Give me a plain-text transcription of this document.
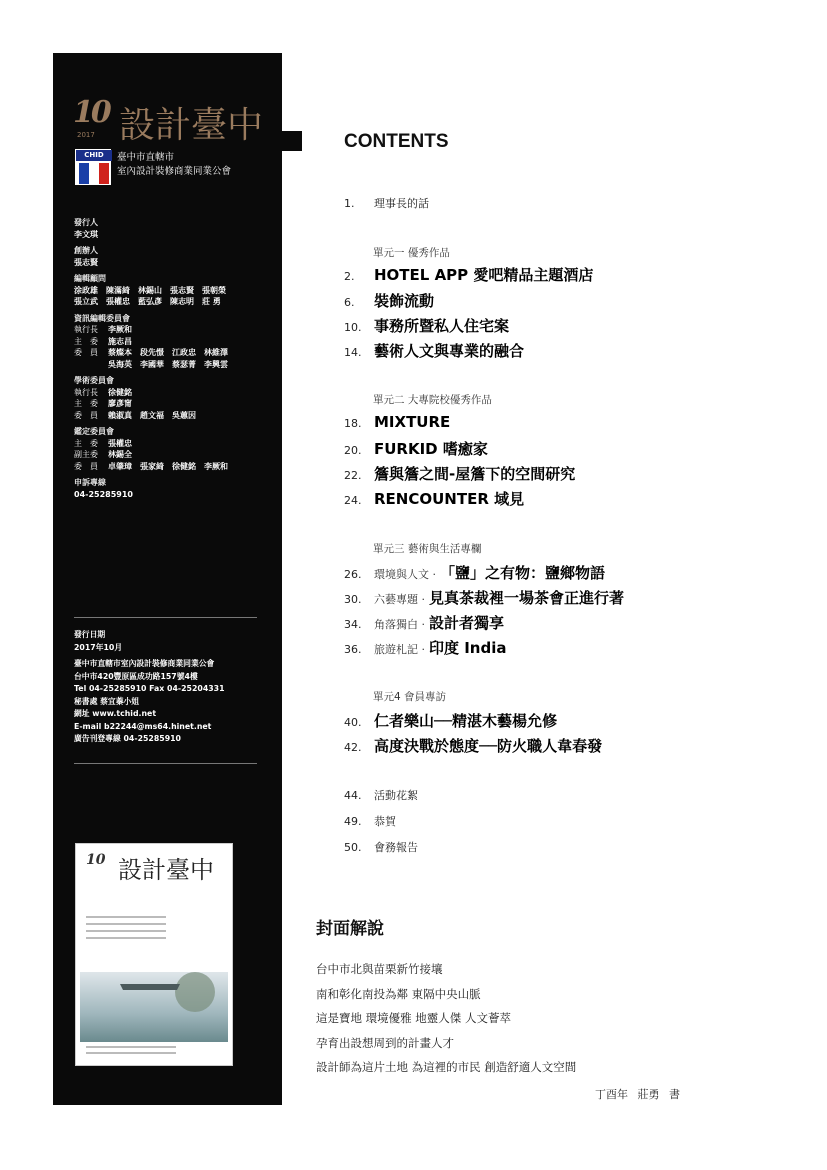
10
2017 設計臺中
CHID	臺中市直轄市
室內設計裝修商業同業公會
發行人
李文琪
創辦人
張志賢
編輯顧問
涂政雄　陳滿綺　林錫山　張志賢　張朝榮
張立武　張權忠　藍弘彥　陳志明　莊 勇
資訊編輯委員會
執行長	李厥和
主　委	施志昌
委　員	蔡燦本　段先憬　江政忠　林維澤
吳海英　李國華　蔡瑟菁　李興雲
學術委員會
執行長	徐健銘
主　委	廖彥甯
委　員	賴淑真　趙文福　吳蕙因
鑑定委員會
主　委	張權忠
副主委	林錫全
委　員	卓肇璋　張家綺　徐健銘　李厥和
申訴專線
04-25285910
發行日期
2017年10月
臺中市直轄市室內設計裝修商業同業公會
台中市420豐原區成功路157號4樓
Tel 04-25285910 Fax 04-25204331
秘書處 蔡宜蓁小姐
網址 www.tchid.net
E-mail b22244@ms64.hinet.net
廣告刊登專線 04-25285910
10 設計臺中
CONTENTS
1.	理事長的話
單元一 優秀作品
2.	HOTEL APP 愛吧精品主題酒店
6.	裝飾流動
10. 事務所暨私人住宅案
14. 藝術人文與專業的融合
單元二 大專院校優秀作品
18. MIXTURE
20. FURKID 嗜癒家
22. 簷與簷之間-屋簷下的空間研究
24. RENCOUNTER 域見
單元三 藝術與生活專欄
26.	環境與人文 · 「鹽」之有物：鹽鄉物語
30.	六藝專題 · 見真茶裁裡一場茶會正進行著
34.	角落獨白 · 設計者獨享
36.	旅遊札記 · 印度 India
單元4 會員專訪
40. 仁者樂山──精湛木藝楊允修
42. 高度決戰於態度──防火職人韋春發
44.	活動花絮
49.	恭賀
50.	會務報告
封面解說
台中市北與苗栗新竹接壤
南和彰化南投為鄰 東隔中央山脈
這是寶地 環境優雅 地靈人傑 人文薈萃
孕育出設想周到的計畫人才
設計師為這片土地 為這裡的市民 創造舒適人文空間
丁酉年 莊勇 書
